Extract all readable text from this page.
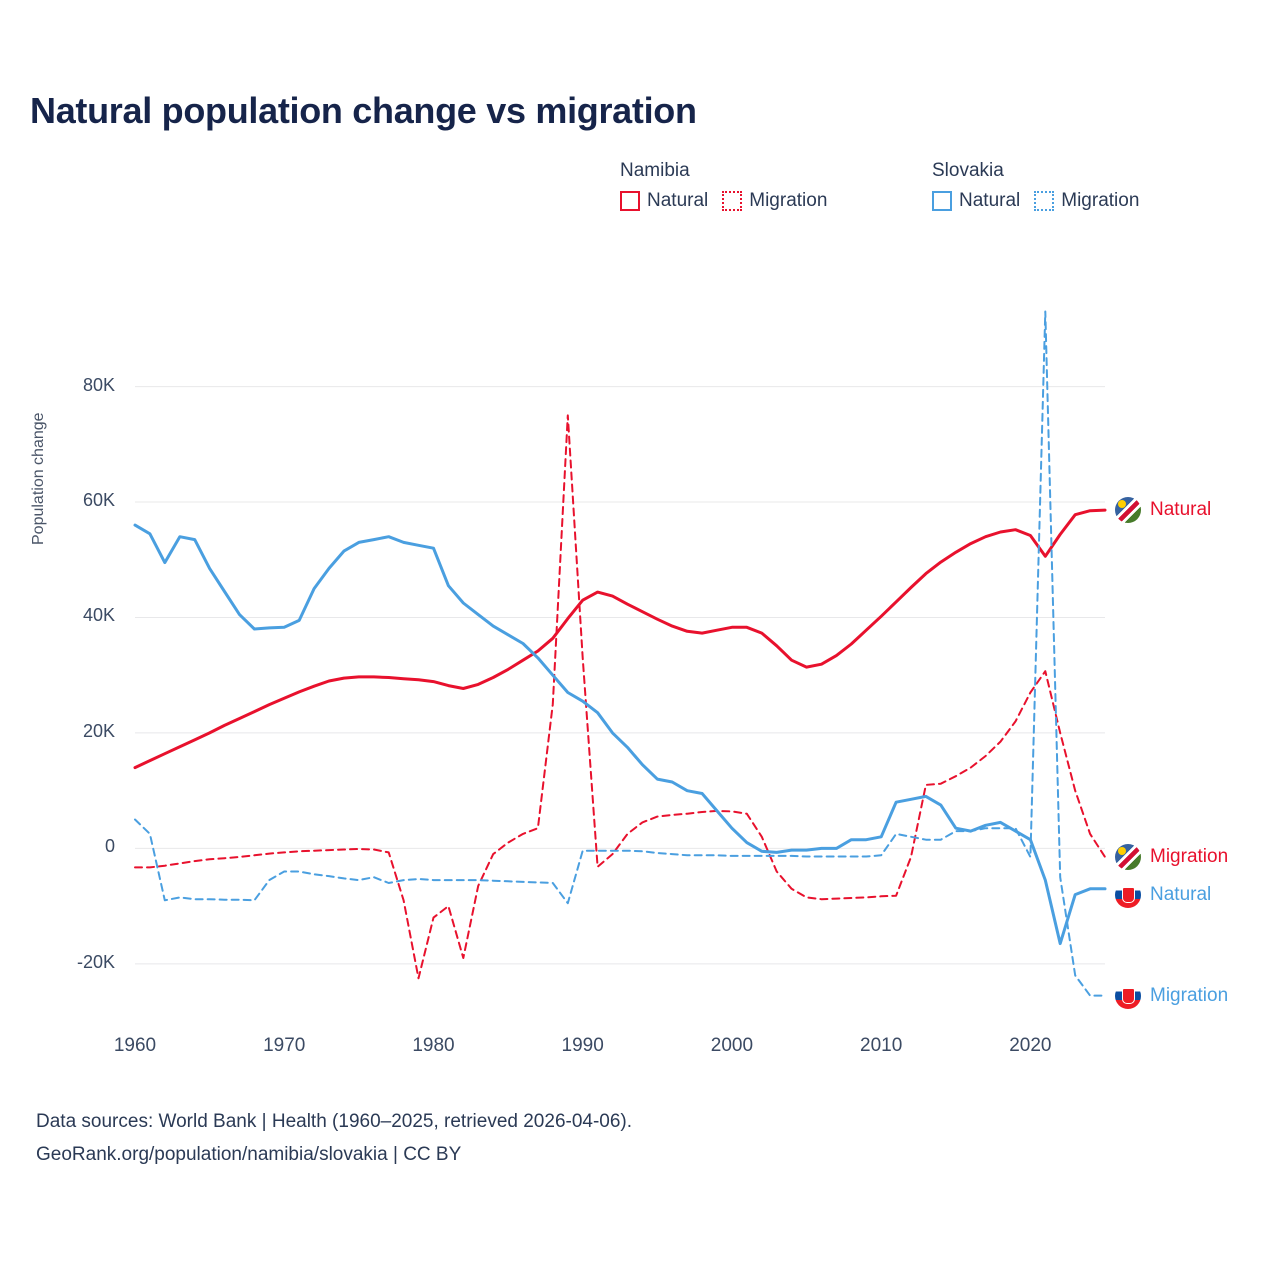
Natural population change vs migration
Namibia
Natural Migration
Slovakia
Natural Migration
Population change
-20K
0
20K
40K
60K
80K
1960	1970	1980	1990	2000	2010	2020
Natural
Migration
Natural
Migration
Data sources: World Bank | Health (1960–2025, retrieved 2026-04-06).
GeoRank.org/population/namibia/slovakia | CC BY
